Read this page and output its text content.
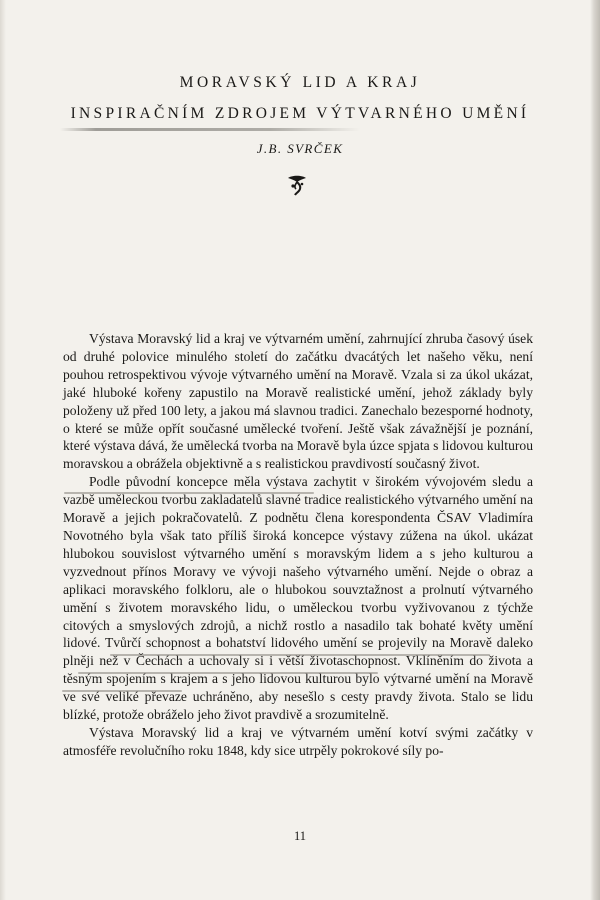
MORAVSKÝ LID A KRAJ
INSPIRAČNÍM ZDROJEM VÝTVARNÉHO UMĚNÍ
J.B. SVRČEK

Výstava Moravský lid a kraj ve výtvarném umění, zahrnující zhruba časový úsek od druhé polovice minulého století do začátku dvacátých let našeho věku, není pouhou retrospektivou vývoje výtvarného umění na Moravě. Vzala si za úkol ukázat, jaké hluboké kořeny zapustilo na Moravě realistické umění, jehož základy byly položeny už před 100 lety, a jakou má slavnou tradici. Zanechalo bezesporné hodnoty, o které se může opřít současné umělecké tvoření. Ještě však závažnější je poznání, které výstava dává, že umělecká tvorba na Moravě byla úzce spjata s lidovou kulturou moravskou a obrážela objektivně a s realistickou pravdivostí současný život.

Podle původní koncepce měla výstava zachytit v širokém vývojovém sledu a vazbě uměleckou tvorbu zakladatelů slavné tradice realistického výtvarného umění na Moravě a jejich pokračovatelů. Z podnětu člena korespondenta ČSAV Vladimíra Novotného byla však tato příliš široká koncepce výstavy zúžena na úkol. ukázat hlubokou souvislost výtvarného umění s moravským lidem a s jeho kulturou a vyzvednout přínos Moravy ve vývoji našeho výtvarného umění. Nejde o obraz a aplikaci moravského folkloru, ale o hlubokou souvztažnost a prolnutí výtvarného umění s životem moravského lidu, o uměleckou tvorbu vyživovanou z týchže citových a smyslových zdrojů, a nichž rostlo a nasadilo tak bohaté květy umění lidové. Tvůrčí schopnost a bohatství lidového umění se projevily na Moravě daleko plněji než v Čechách a uchovaly si i větší životaschopnost. Vklíněním do života a těsným spojením s krajem a s jeho lidovou kulturou bylo výtvarné umění na Moravě ve své veliké převaze uchráněno, aby nesešlo s cesty pravdy života. Stalo se lidu blízké, protože obráželo jeho život pravdivě a srozumitelně.

Výstava Moravský lid a kraj ve výtvarném umění kotví svými začátky v atmosféře revolučního roku 1848, kdy sice utrpěly pokrokové síly po-

11
